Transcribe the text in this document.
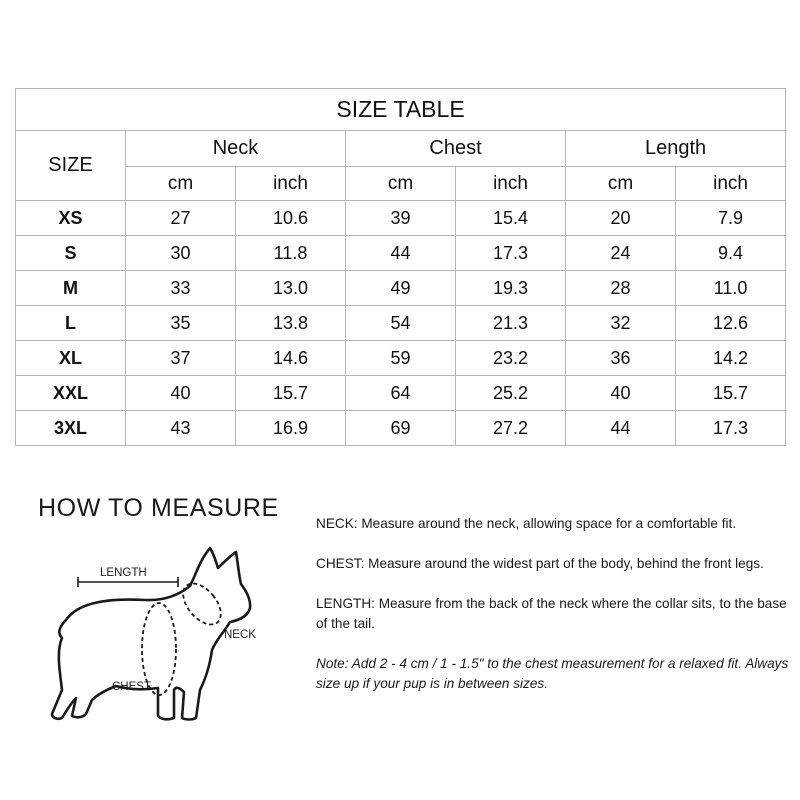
SIZE TABLE						
SIZE	Neck		Chest		Length	
	cm	inch	cm	inch	cm	inch
XS	27	10.6	39	15.4	20	7.9
S	30	11.8	44	17.3	24	9.4
M	33	13.0	49	19.3	28	11.0
L	35	13.8	54	21.3	32	12.6
XL	37	14.6	59	23.2	36	14.2
XXL	40	15.7	64	25.2	40	15.7
3XL	43	16.9	69	27.2	44	17.3
HOW TO MEASURE
LENGTH
NECK
CHEST

NECK: Measure around the neck, allowing space for a comfortable fit.

CHEST: Measure around the widest part of the body, behind the front legs.

LENGTH: Measure from the back of the neck where the collar sits, to the base of the tail.

Note: Add 2 - 4 cm / 1 - 1.5" to the chest measurement for a relaxed fit. Always size up if your pup is in between sizes.
